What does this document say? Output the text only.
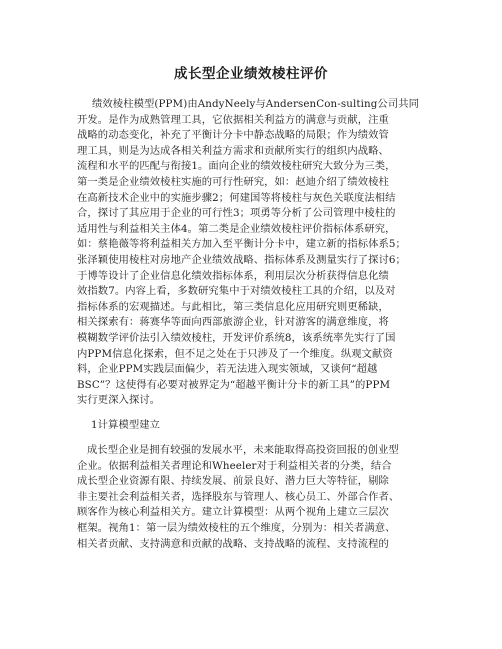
成长型企业绩效棱柱评价
绩效棱柱模型(PPM)由AndyNeely与AndersenCon-sulting公司共同
开发。是作为成熟管理工具，它依据相关利益方的满意与贡献，注重
战略的动态变化，补充了平衡计分卡中静态战略的局限；作为绩效管
理工具，则是为达成各相关利益方需求和贡献所实行的组织内战略、
流程和水平的匹配与衔接1。面向企业的绩效棱柱研究大致分为三类，
第一类是企业绩效棱柱实施的可行性研究，如：赵迪介绍了绩效棱柱
在高新技术企业中的实施步骤2；何建国等将棱柱与灰色关联度法相结
合，探讨了其应用于企业的可行性3；项勇等分析了公司管理中棱柱的
适用性与利益相关主体4。第二类是企业绩效棱柱评价指标体系研究，
如：蔡艳薇等将利益相关方加入至平衡计分卡中，建立新的指标体系5；
张泽颖使用棱柱对房地产企业绩效战略、指标体系及测量实行了探讨6；
于博等设计了企业信息化绩效指标体系，利用层次分析获得信息化绩
效指数7。内容上看，多数研究集中于对绩效棱柱工具的介绍，以及对
指标体系的宏观描述。与此相比，第三类信息化应用研究则更稀缺，
相关探索有：蒋赛华等面向西部旅游企业，针对游客的满意维度，将
模糊数学评价法引入绩效棱柱，开发评价系统8，该系统率先实行了国
内PPM信息化探索，但不足之处在于只涉及了一个维度。纵观文献资
料，企业PPM实践层面偏少，若无法进入现实领域，又谈何“超越
BSC”？这使得有必要对被界定为“超越平衡计分卡的新工具”的PPM
实行更深入探讨。
1计算模型建立
成长型企业是拥有较强的发展水平，未来能取得高投资回报的创业型
企业。依据利益相关者理论和Wheeler对于利益相关者的分类，结合
成长型企业资源有限、持续发展、前景良好、潜力巨大等特征，剔除
非主要社会利益相关者，选择股东与管理人、核心员工、外部合作者、
顾客作为核心利益相关方。建立计算模型：从两个视角上建立三层次
框架。视角1：第一层为绩效棱柱的五个维度，分别为：相关者满意、
相关者贡献、支持满意和贡献的战略、支持战略的流程、支持流程的
